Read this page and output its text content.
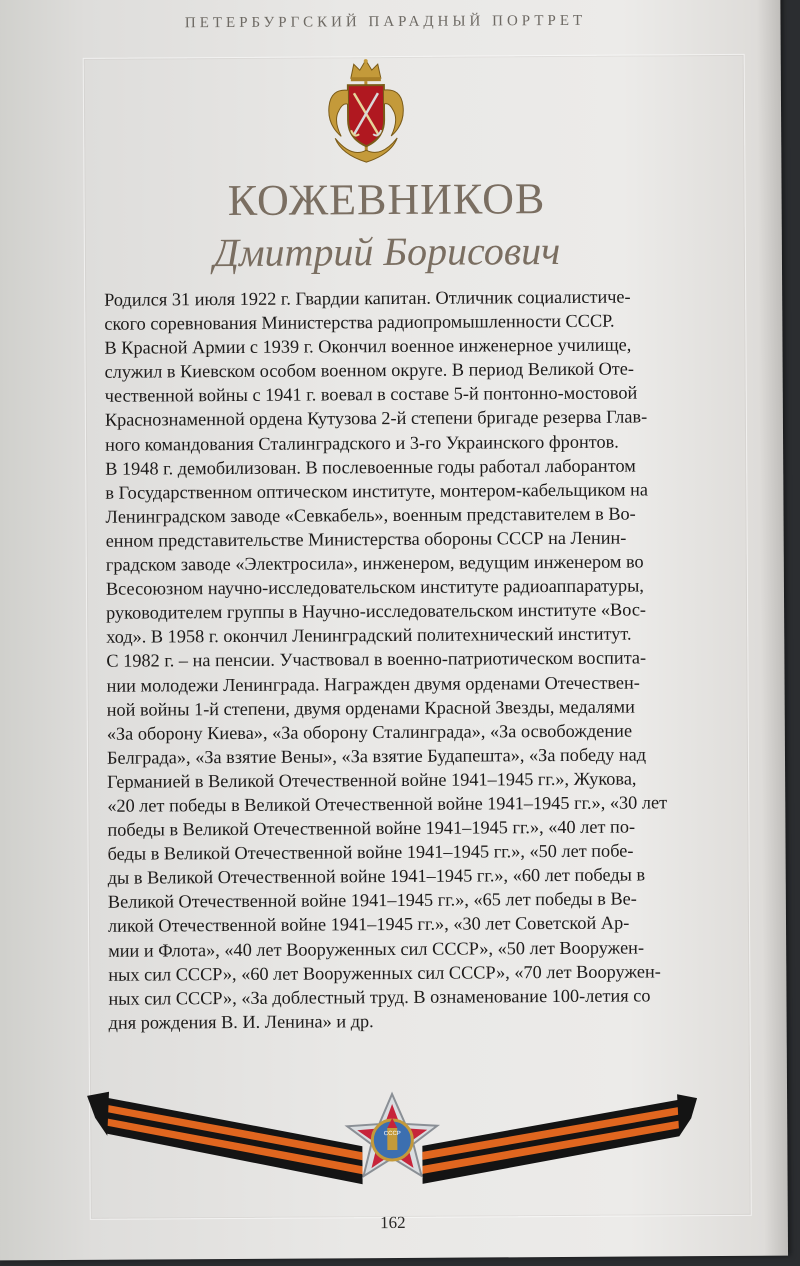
ПЕТЕРБУРГСКИЙ ПАРАДНЫЙ ПОРТРЕТ
КОЖЕВНИКОВ
Дмитрий Борисович
Родился 31 июля 1922 г. Гвардии капитан. Отличник социалистиче-
ского соревнования Министерства радиопромышленности СССР.
В Красной Армии с 1939 г. Окончил военное инженерное училище,
служил в Киевском особом военном округе. В период Великой Оте-
чественной войны с 1941 г. воевал в составе 5-й понтонно-мостовой
Краснознаменной ордена Кутузова 2-й степени бригаде резерва Глав-
ного командования Сталинградского и 3-го Украинского фронтов.
В 1948 г. демобилизован. В послевоенные годы работал лаборантом
в Государственном оптическом институте, монтером-кабельщиком на
Ленинградском заводе «Севкабель», военным представителем в Во-
енном представительстве Министерства обороны СССР на Ленин-
градском заводе «Электросила», инженером, ведущим инженером во
Всесоюзном научно-исследовательском институте радиоаппаратуры,
руководителем группы в Научно-исследовательском институте «Вос-
ход». В 1958 г. окончил Ленинградский политехнический институт.
С 1982 г. – на пенсии. Участвовал в военно-патриотическом воспита-
нии молодежи Ленинграда. Награжден двумя орденами Отечествен-
ной войны 1-й степени, двумя орденами Красной Звезды, медалями
«За оборону Киева», «За оборону Сталинграда», «За освобождение
Белграда», «За взятие Вены», «За взятие Будапешта», «За победу над
Германией в Великой Отечественной войне 1941–1945 гг.», Жукова,
«20 лет победы в Великой Отечественной войне 1941–1945 гг.», «30 лет
победы в Великой Отечественной войне 1941–1945 гг.», «40 лет по-
беды в Великой Отечественной войне 1941–1945 гг.», «50 лет побе-
ды в Великой Отечественной войне 1941–1945 гг.», «60 лет победы в
Великой Отечественной войне 1941–1945 гг.», «65 лет победы в Ве-
ликой Отечественной войне 1941–1945 гг.», «30 лет Советской Ар-
мии и Флота», «40 лет Вооруженных сил СССР», «50 лет Вооружен-
ных сил СССР», «60 лет Вооруженных сил СССР», «70 лет Вооружен-
ных сил СССР», «За доблестный труд. В ознаменование 100-летия со
дня рождения В. И. Ленина» и др.
СССР
162
